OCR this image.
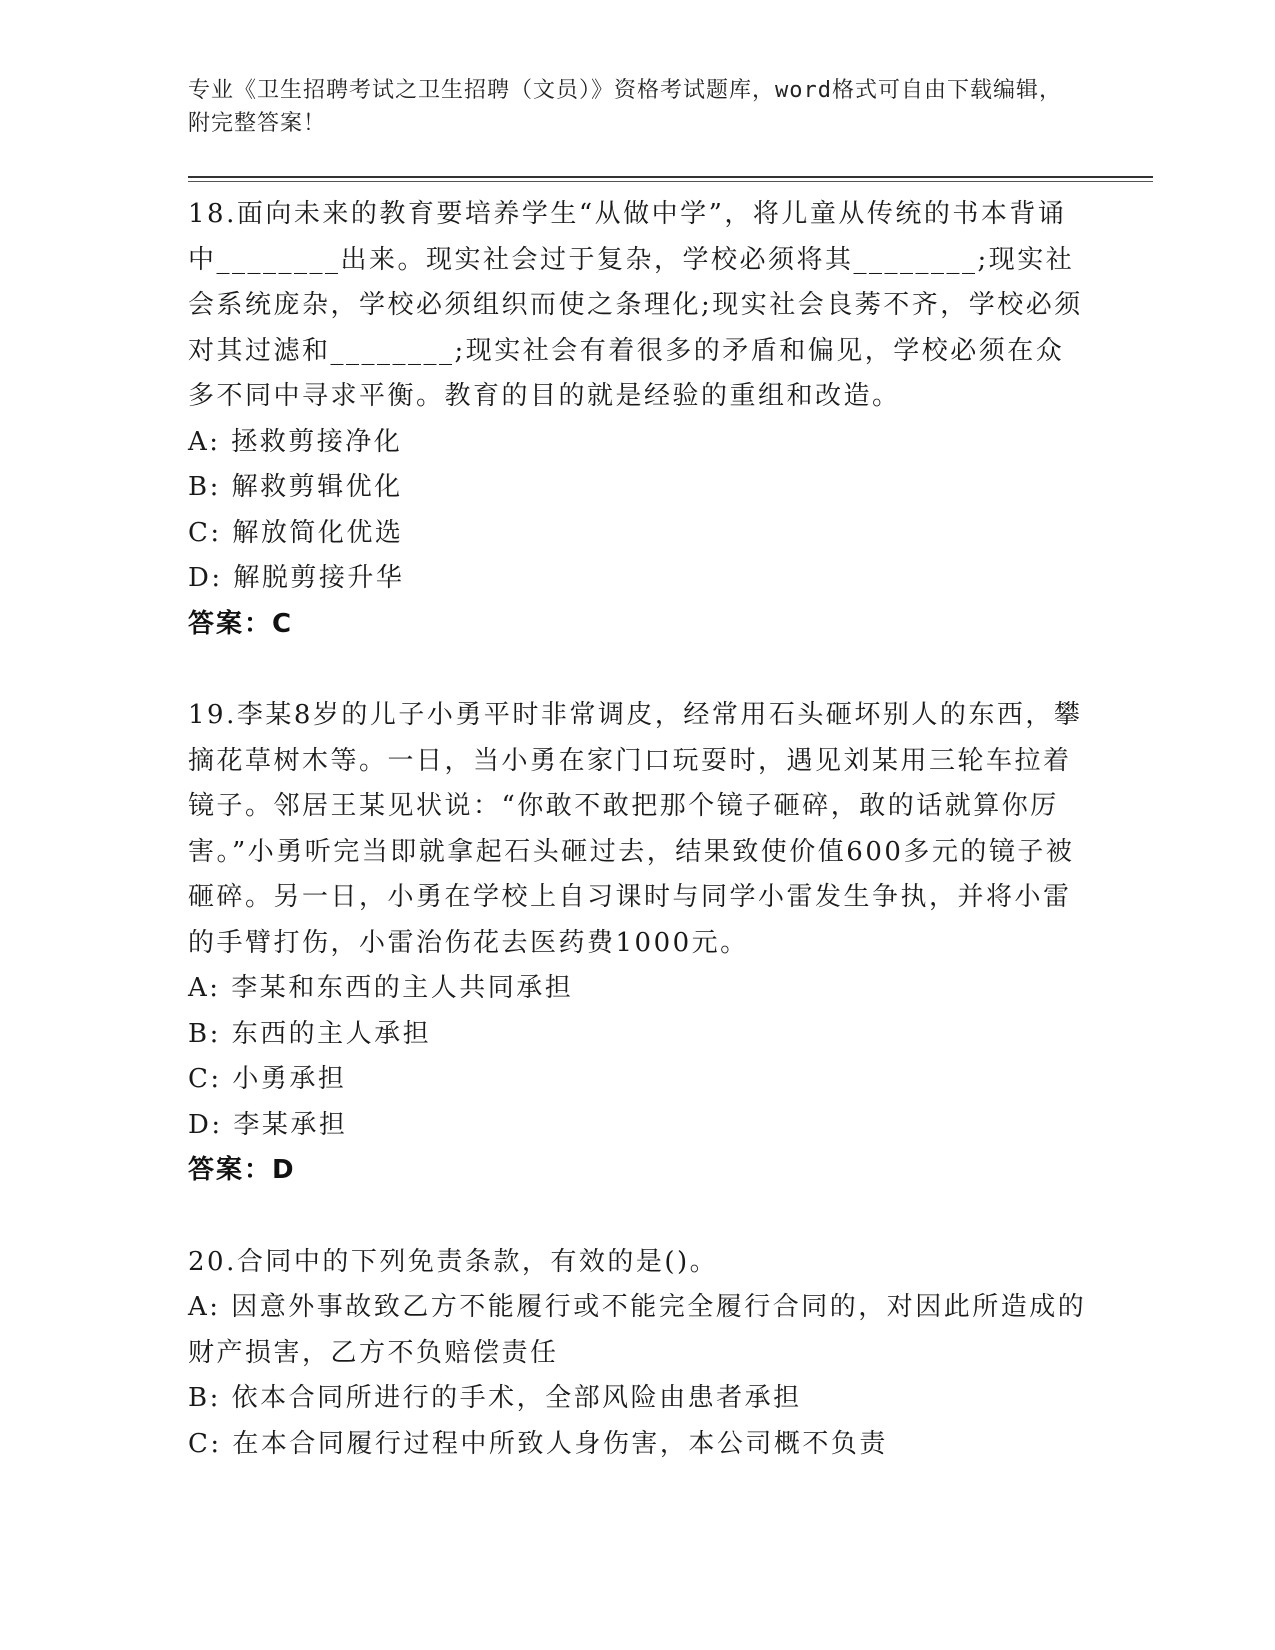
专业《卫生招聘考试之卫生招聘（文员）》资格考试题库，word格式可自由下载编辑，附完整答案！

18.面向未来的教育要培养学生“从做中学”，将儿童从传统的书本背诵中________出来。现实社会过于复杂，学校必须将其________;现实社会系统庞杂，学校必须组织而使之条理化;现实社会良莠不齐，学校必须对其过滤和________;现实社会有着很多的矛盾和偏见，学校必须在众多不同中寻求平衡。教育的目的就是经验的重组和改造。

A: 拯救剪接净化

B: 解救剪辑优化

C: 解放简化优选

D: 解脱剪接升华

答案：C

19.李某8岁的儿子小勇平时非常调皮，经常用石头砸坏别人的东西，攀摘花草树木等。一日，当小勇在家门口玩耍时，遇见刘某用三轮车拉着镜子。邻居王某见状说：“你敢不敢把那个镜子砸碎，敢的话就算你厉害。”小勇听完当即就拿起石头砸过去，结果致使价值600多元的镜子被砸碎。另一日，小勇在学校上自习课时与同学小雷发生争执，并将小雷的手臂打伤，小雷治伤花去医药费1000元。

A: 李某和东西的主人共同承担

B: 东西的主人承担

C: 小勇承担

D: 李某承担

答案：D

20.合同中的下列免责条款，有效的是()。

A: 因意外事故致乙方不能履行或不能完全履行合同的，对因此所造成的财产损害，乙方不负赔偿责任

B: 依本合同所进行的手术，全部风险由患者承担

C: 在本合同履行过程中所致人身伤害，本公司概不负责
